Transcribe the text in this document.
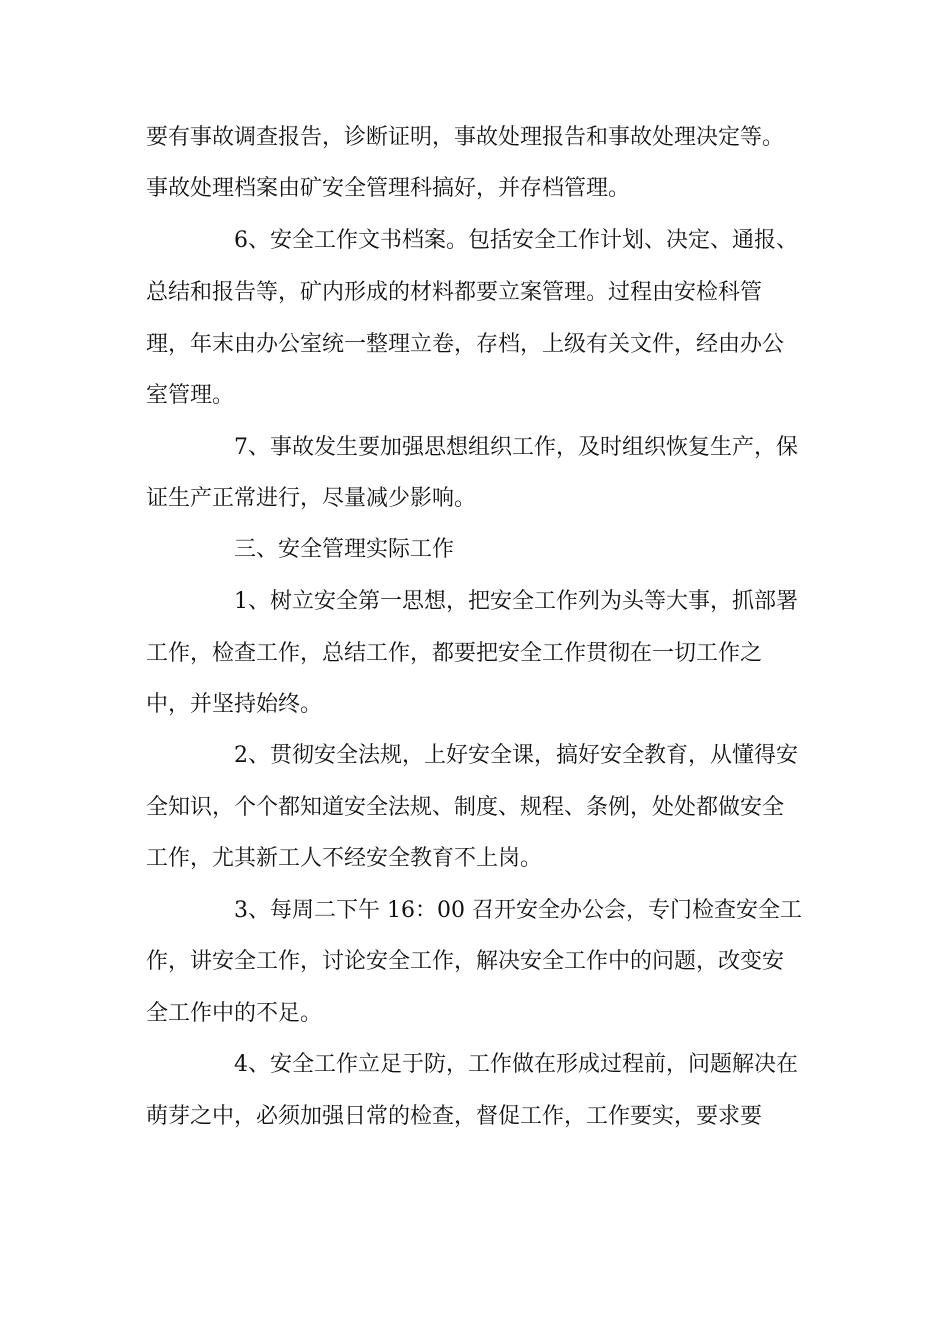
要有事故调查报告，诊断证明，事故处理报告和事故处理决定等。
事故处理档案由矿安全管理科搞好，并存档管理。
6、安全工作文书档案。包括安全工作计划、决定、通报、
总结和报告等，矿内形成的材料都要立案管理。过程由安检科管
理，年末由办公室统一整理立卷，存档，上级有关文件，经由办公
室管理。
7、事故发生要加强思想组织工作，及时组织恢复生产，保
证生产正常进行，尽量减少影响。
三、安全管理实际工作
1、树立安全第一思想，把安全工作列为头等大事，抓部署
工作，检查工作，总结工作，都要把安全工作贯彻在一切工作之
中，并坚持始终。
2、贯彻安全法规，上好安全课，搞好安全教育，从懂得安
全知识，个个都知道安全法规、制度、规程、条例，处处都做安全
工作，尤其新工人不经安全教育不上岗。
3、每周二下午 16：00 召开安全办公会，专门检查安全工
作，讲安全工作，讨论安全工作，解决安全工作中的问题，改变安
全工作中的不足。
4、安全工作立足于防，工作做在形成过程前，问题解决在
萌芽之中，必须加强日常的检查，督促工作，工作要实，要求要
